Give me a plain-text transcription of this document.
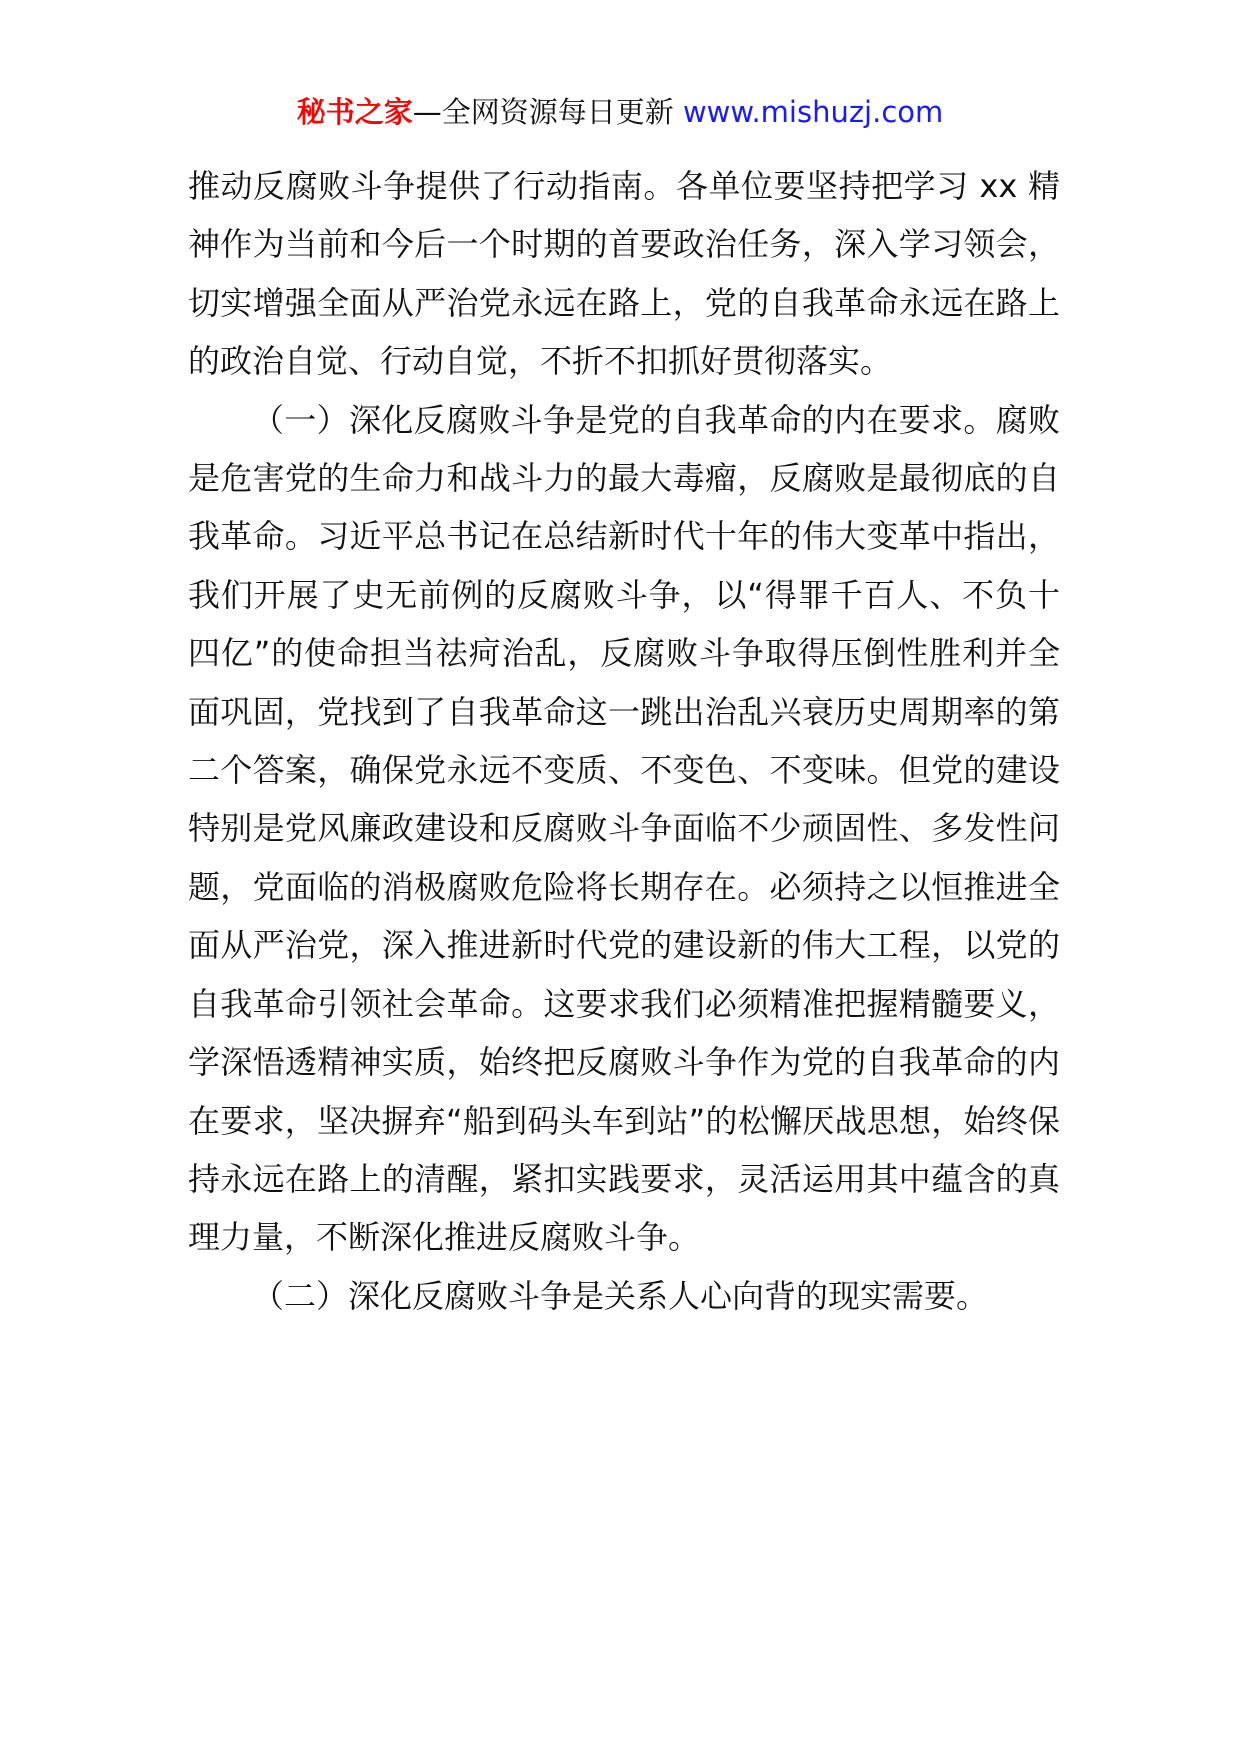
秘书之家—全网资源每日更新 www.mishuzj.com

推动反腐败斗争提供了行动指南。各单位要坚持把学习 xx 精神作为当前和今后一个时期的首要政治任务，深入学习领会，切实增强全面从严治党永远在路上，党的自我革命永远在路上的政治自觉、行动自觉，不折不扣抓好贯彻落实。

（一）深化反腐败斗争是党的自我革命的内在要求。腐败是危害党的生命力和战斗力的最大毒瘤，反腐败是最彻底的自我革命。习近平总书记在总结新时代十年的伟大变革中指出，我们开展了史无前例的反腐败斗争，以“得罪千百人、不负十四亿”的使命担当祛疴治乱，反腐败斗争取得压倒性胜利并全面巩固，党找到了自我革命这一跳出治乱兴衰历史周期率的第二个答案，确保党永远不变质、不变色、不变味。但党的建设特别是党风廉政建设和反腐败斗争面临不少顽固性、多发性问题，党面临的消极腐败危险将长期存在。必须持之以恒推进全面从严治党，深入推进新时代党的建设新的伟大工程，以党的自我革命引领社会革命。这要求我们必须精准把握精髓要义，学深悟透精神实质，始终把反腐败斗争作为党的自我革命的内在要求，坚决摒弃“船到码头车到站”的松懈厌战思想，始终保持永远在路上的清醒，紧扣实践要求，灵活运用其中蕴含的真理力量，不断深化推进反腐败斗争。

（二）深化反腐败斗争是关系人心向背的现实需要。
